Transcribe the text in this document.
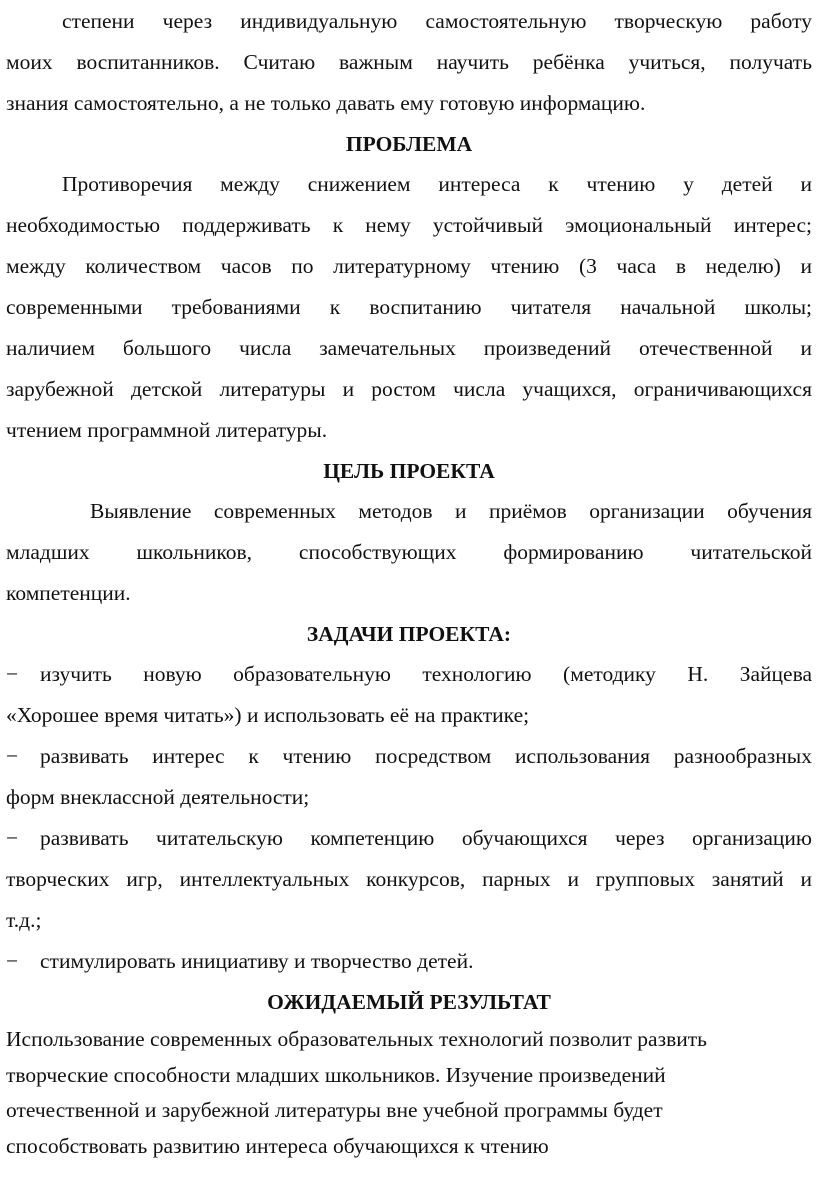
степени через индивидуальную самостоятельную творческую работу

моих воспитанников. Считаю важным научить ребёнка учиться, получать

знания самостоятельно, а не только давать ему готовую информацию.

ПРОБЛЕМА

Противоречия между снижением интереса к чтению у детей и

необходимостью поддерживать к нему устойчивый эмоциональный интерес;

между количеством часов по литературному чтению (3 часа в неделю) и

современными требованиями к воспитанию читателя начальной школы;

наличием большого числа замечательных произведений отечественной и

зарубежной детской литературы и ростом числа учащихся, ограничивающихся

чтением программной литературы.

ЦЕЛЬ ПРОЕКТА

Выявление современных методов и приёмов организации обучения

младших школьников, способствующих формированию читательской

компетенции.

ЗАДАЧИ ПРОЕКТА:

−	изучить новую образовательную технологию (методику Н. Зайцева
«Хорошее время читать») и использовать её на практике;
−	развивать интерес к чтению посредством использования разнообразных
форм внеклассной деятельности;
−	развивать читательскую компетенцию обучающихся через организацию
творческих игр, интеллектуальных конкурсов, парных и групповых занятий и
т.д.;
−	стимулировать инициативу и творчество детей.

ОЖИДАЕМЫЙ РЕЗУЛЬТАТ

Использование современных образовательных технологий позволит развить

творческие способности младших школьников. Изучение произведений

отечественной и зарубежной литературы вне учебной программы будет

способствовать развитию интереса обучающихся к чтению
